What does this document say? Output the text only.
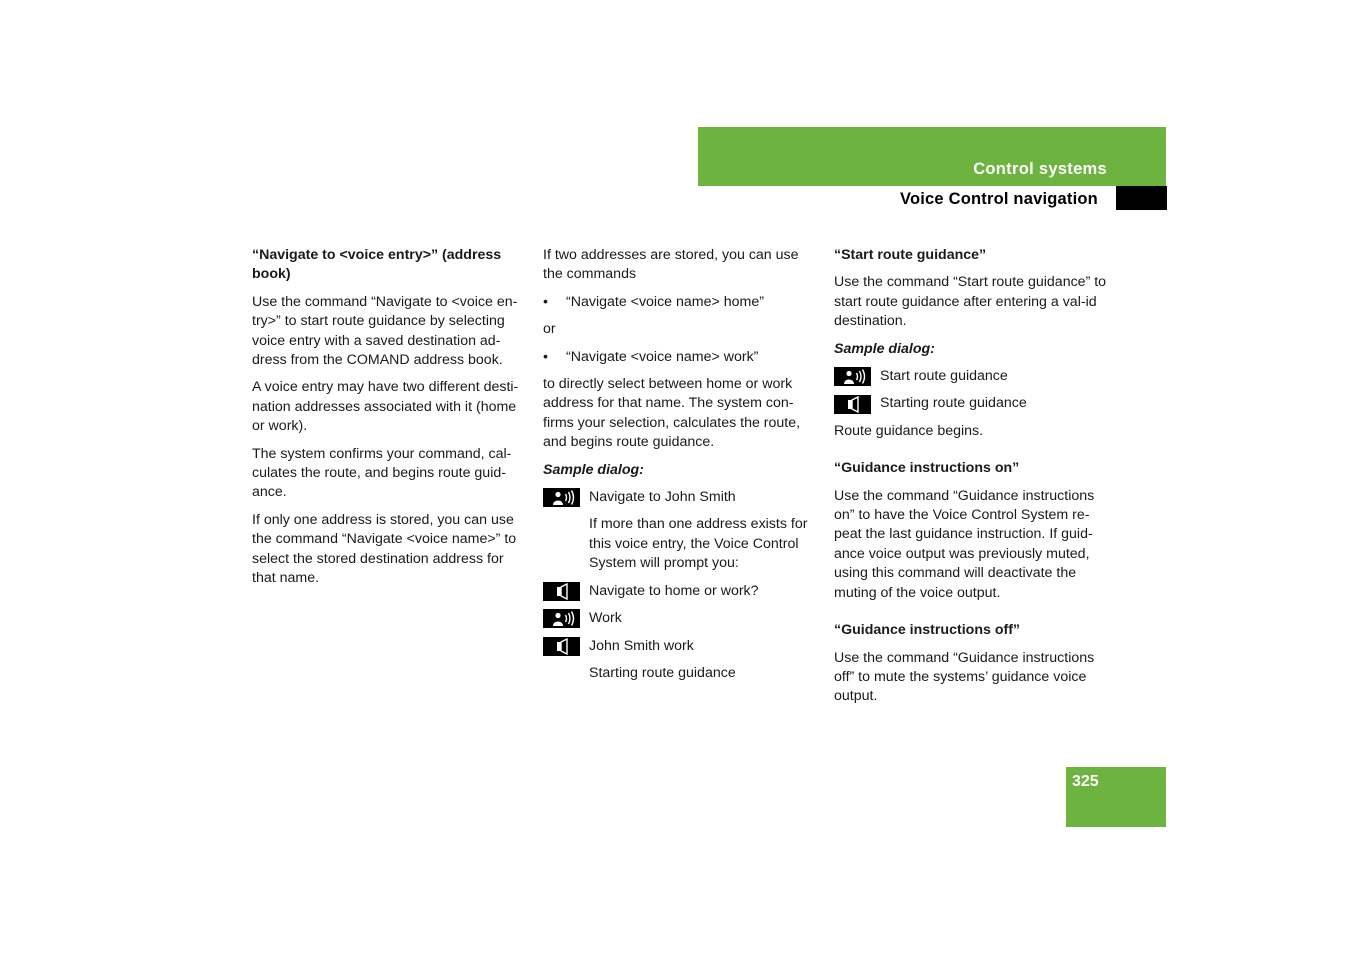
Control systems
Voice Control navigation
“Navigate to <voice entry>” (address book)

Use the command “Navigate to <voice en-try>” to start route guidance by selecting voice entry with a saved destination ad-dress from the COMAND address book.

A voice entry may have two different desti-nation addresses associated with it (home or work).

The system confirms your command, cal-culates the route, and begins route guid-ance.

If only one address is stored, you can use the command “Navigate <voice name>” to select the stored destination address for that name.

If two addresses are stored, you can use the commands

•	“Navigate <voice name> home”

or

•	“Navigate <voice name> work”

to directly select between home or work address for that name. The system con-firms your selection, calculates the route, and begins route guidance.

Sample dialog:

Navigate to John Smith

If more than one address exists for this voice entry, the Voice Control System will prompt you:

Navigate to home or work?
Work
John Smith work
Starting route guidance
“Start route guidance”

Use the command “Start route guidance” to start route guidance after entering a val-id destination.

Sample dialog:

Start route guidance
Starting route guidance

Route guidance begins.

“Guidance instructions on”

Use the command “Guidance instructions on” to have the Voice Control System re-peat the last guidance instruction. If guid-ance voice output was previously muted, using this command will deactivate the muting of the voice output.

“Guidance instructions off”

Use the command “Guidance instructions off” to mute the systems’ guidance voice output.

325
